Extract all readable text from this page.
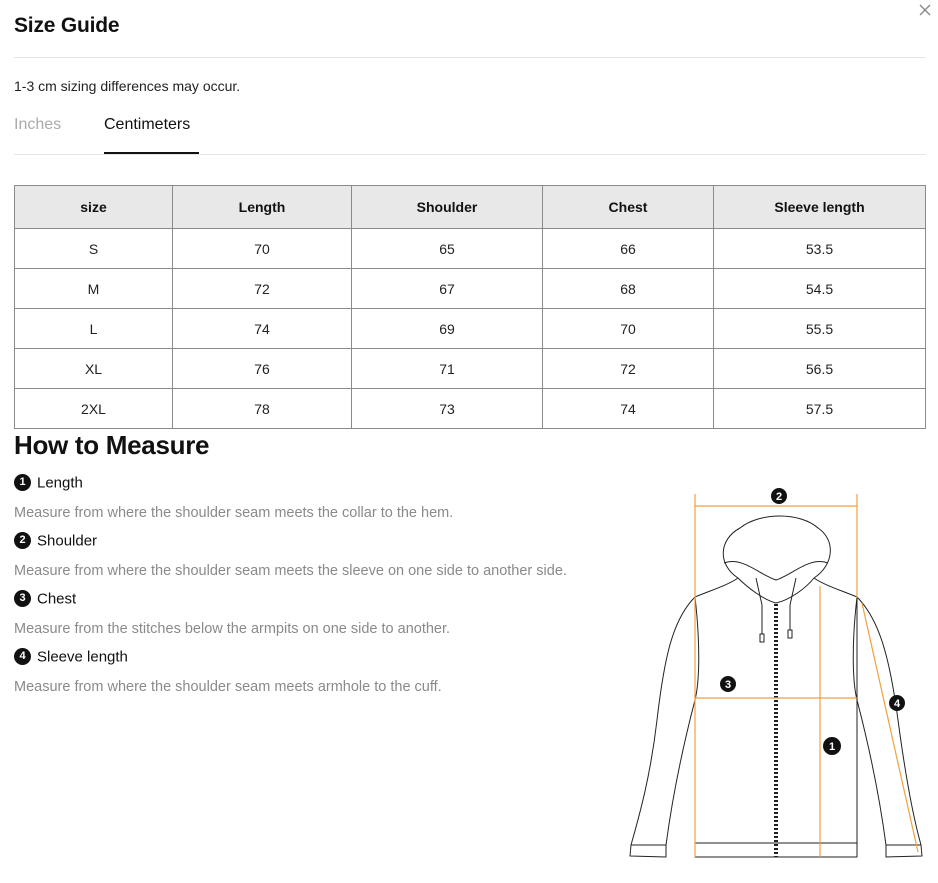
Size Guide
1-3 cm sizing differences may occur.
Inches	Centimeters
size	Length	Shoulder	Chest	Sleeve length
S	70	65	66	53.5
M	72	67	68	54.5
L	74	69	70	55.5
XL	76	71	72	56.5
2XL	78	73	74	57.5
How to Measure
1 Length
Measure from where the shoulder seam meets the collar to the hem.
2 Shoulder
Measure from where the shoulder seam meets the sleeve on one side to another side.
3 Chest
Measure from the stitches below the armpits on one side to another.
4 Sleeve length
Measure from where the shoulder seam meets armhole to the cuff.
2
3
1
4
